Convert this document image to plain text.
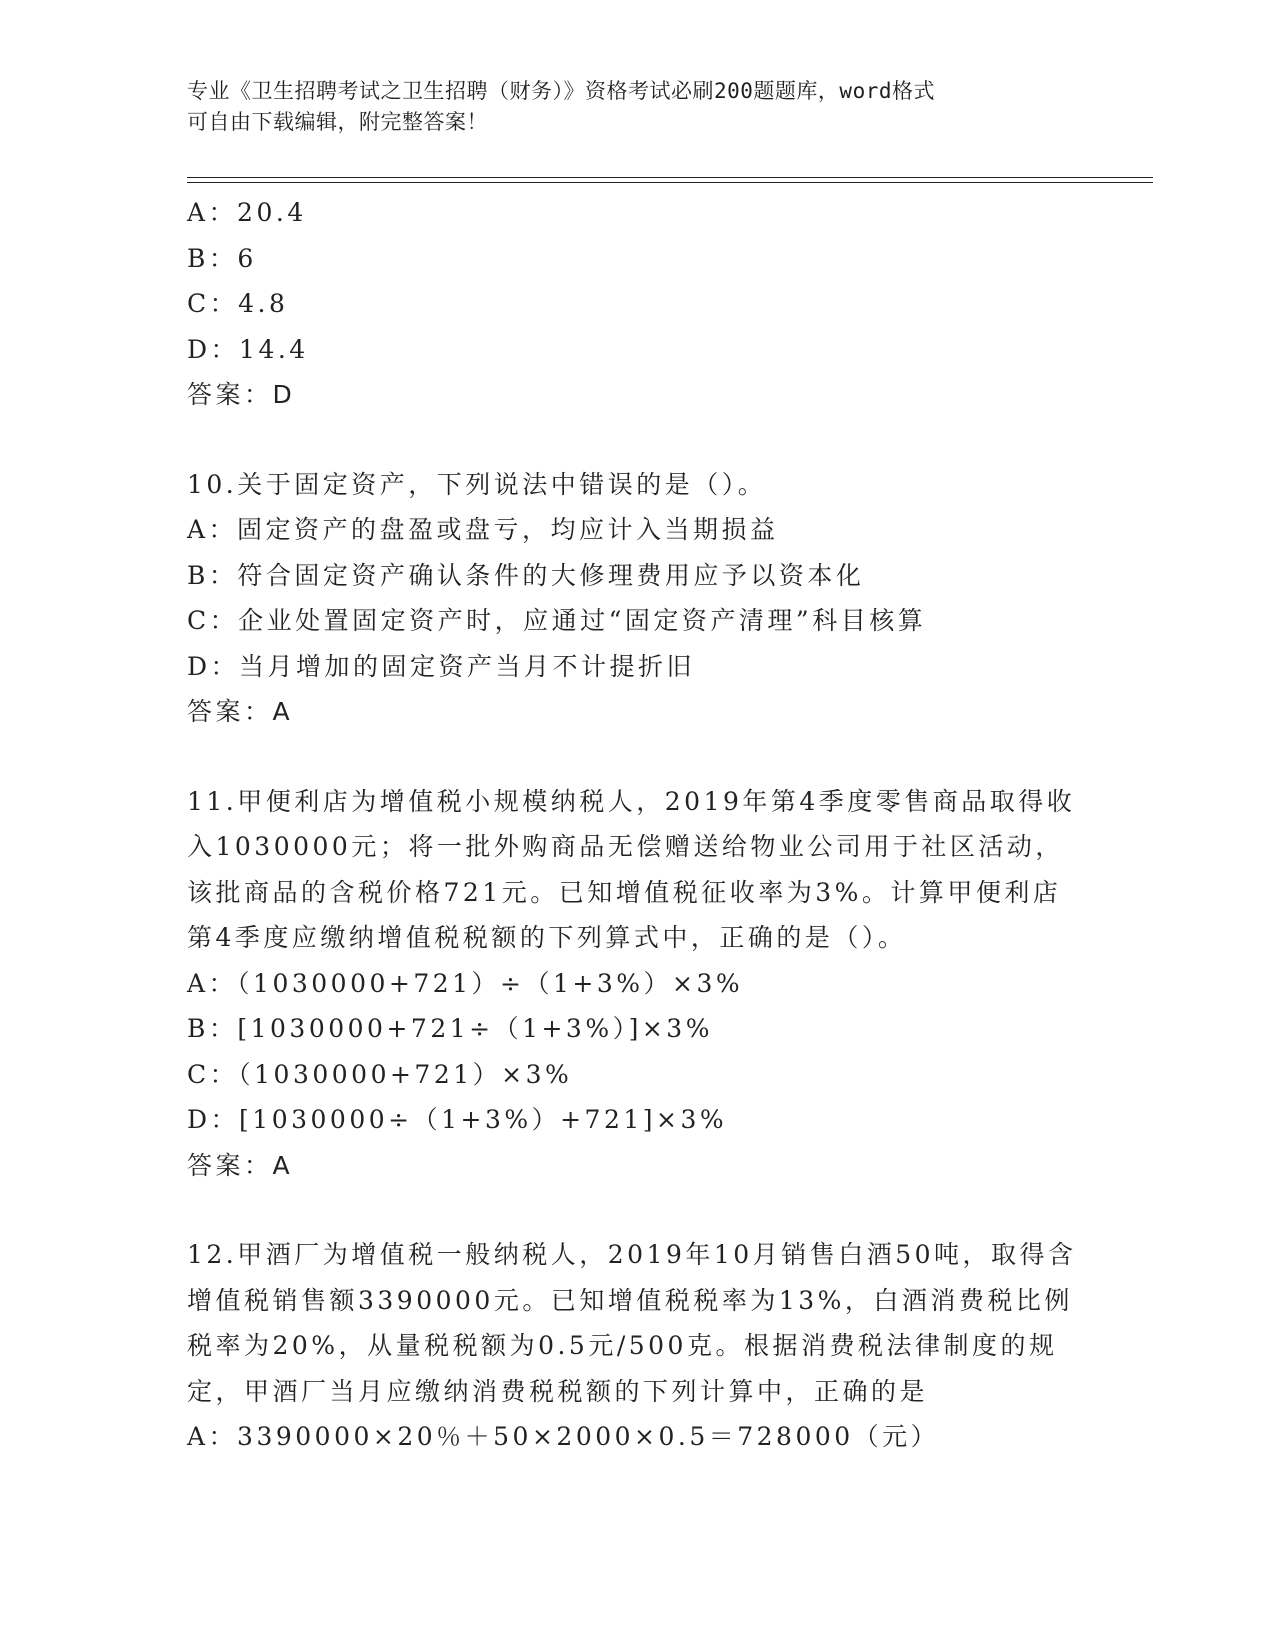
专业《卫生招聘考试之卫生招聘（财务）》资格考试必刷200题题库，word格式
可自由下载编辑，附完整答案！
A：20.4
B：6
C：4.8
D：14.4
答案：D
10.关于固定资产，下列说法中错误的是（）。
A：固定资产的盘盈或盘亏，均应计入当期损益
B：符合固定资产确认条件的大修理费用应予以资本化
C：企业处置固定资产时，应通过“固定资产清理”科目核算
D：当月增加的固定资产当月不计提折旧
答案：A
11.甲便利店为增值税小规模纳税人，2019年第4季度零售商品取得收
入1030000元；将一批外购商品无偿赠送给物业公司用于社区活动，
该批商品的含税价格721元。已知增值税征收率为3%。计算甲便利店
第4季度应缴纳增值税税额的下列算式中，正确的是（）。
A：（1030000+721）÷（1+3%）×3%
B：[1030000+721÷（1+3%）]×3%
C：（1030000+721）×3%
D：[1030000÷（1+3%）+721]×3%
答案：A
12.甲酒厂为增值税一般纳税人，2019年10月销售白酒50吨，取得含
增值税销售额3390000元。已知增值税税率为13%，白酒消费税比例
税率为20%，从量税税额为0.5元/500克。根据消费税法律制度的规
定，甲酒厂当月应缴纳消费税税额的下列计算中，正确的是
A：3390000×20％＋50×2000×0.5＝728000（元）
